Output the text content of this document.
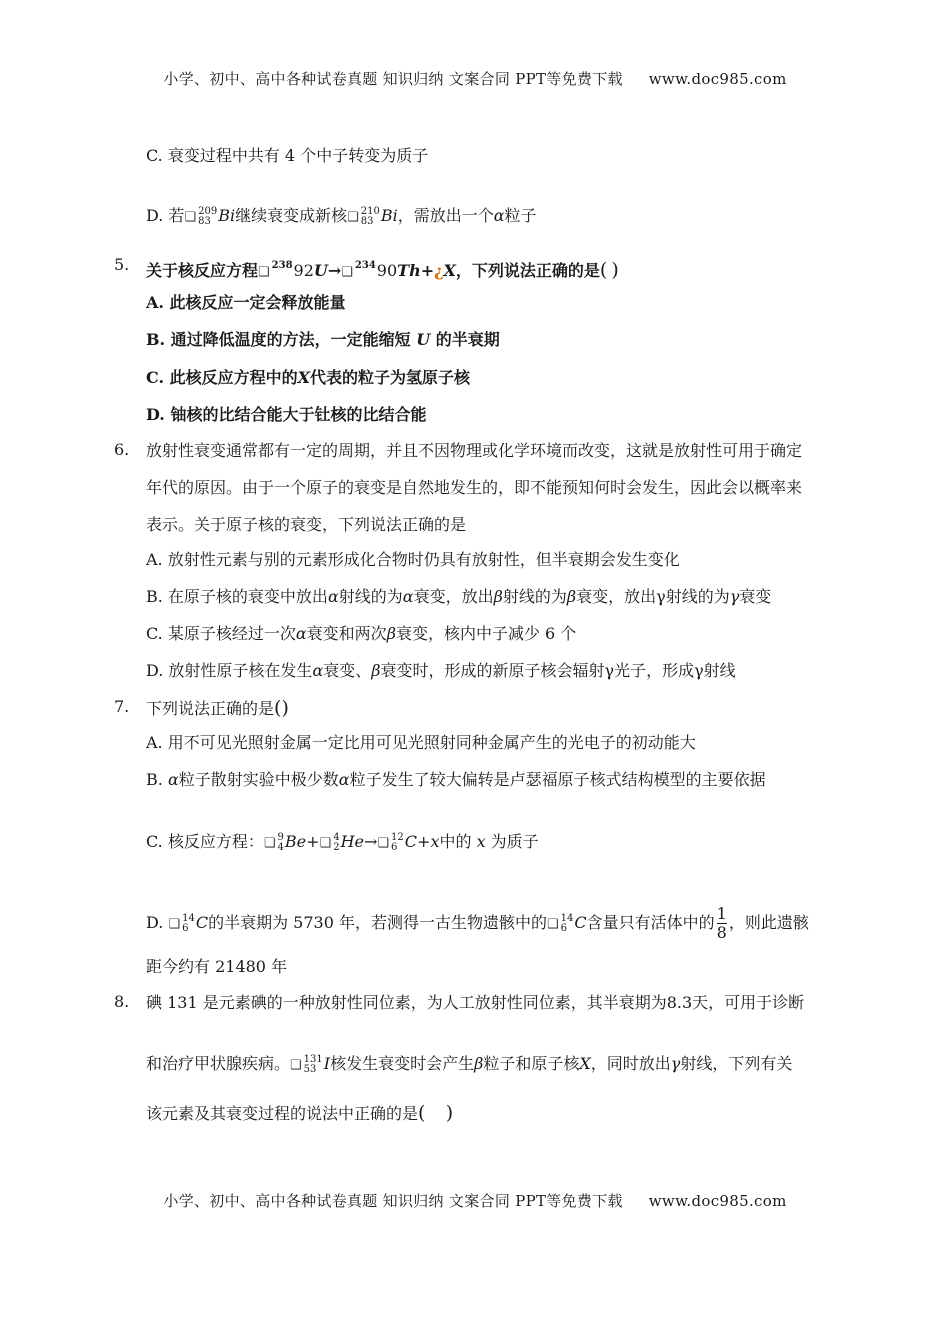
小学、初中、高中各种试卷真题 知识归纳 文案合同 PPT等免费下载 www.doc985.com
C. 衰变过程中共有 4 个中子转变为质子
D. 若❑ 209
83 Bi继续衰变成新核❑ 210
83 Bi，需放出一个α粒子
5. 关于核反应方程❑ $^{238}$92U→❑ $^{234}$90Th+¿X，下列说法正确的是( )
A. 此核反应一定会释放能量
B. 通过降低温度的方法，一定能缩短 U 的半衰期
C. 此核反应方程中的X代表的粒子为氢原子核
D. 铀核的比结合能大于钍核的比结合能
6. 放射性衰变通常都有一定的周期，并且不因物理或化学环境而改变，这就是放射性可用于确定
年代的原因。由于一个原子的衰变是自然地发生的，即不能预知何时会发生，因此会以概率来
表示。关于原子核的衰变，下列说法正确的是
A. 放射性元素与别的元素形成化合物时仍具有放射性，但半衰期会发生变化
B. 在原子核的衰变中放出α射线的为α衰变，放出β射线的为β衰变，放出γ射线的为γ衰变
C. 某原子核经过一次α衰变和两次β衰变，核内中子减少 6 个
D. 放射性原子核在发生α衰变、β衰变时，形成的新原子核会辐射γ光子，形成γ射线
7. 下列说法正确的是()
A. 用不可见光照射金属一定比用可见光照射同种金属产生的光电子的初动能大
B. α粒子散射实验中极少数α粒子发生了较大偏转是卢瑟福原子核式结构模型的主要依据
C. 核反应方程：❑ 9
4 Be+❑ 4
2 He→❑ 12
6 C+x中的 x 为质子
D. ❑ 14
6 C的半衰期为 5730 年，若测得一古生物遗骸中的❑ 14
6 C含量只有活体中的 $\frac{1}{8}$ ，则此遗骸
距今约有 21480 年
8. 碘 131 是元素碘的一种放射性同位素，为人工放射性同位素，其半衰期为8.3天，可用于诊断
和治疗甲状腺疾病。❑ 131
53 I核发生衰变时会产生β粒子和原子核X，同时放出γ射线，下列有关
该元素及其衰变过程的说法中正确的是( )
小学、初中、高中各种试卷真题 知识归纳 文案合同 PPT等免费下载 www.doc985.com
